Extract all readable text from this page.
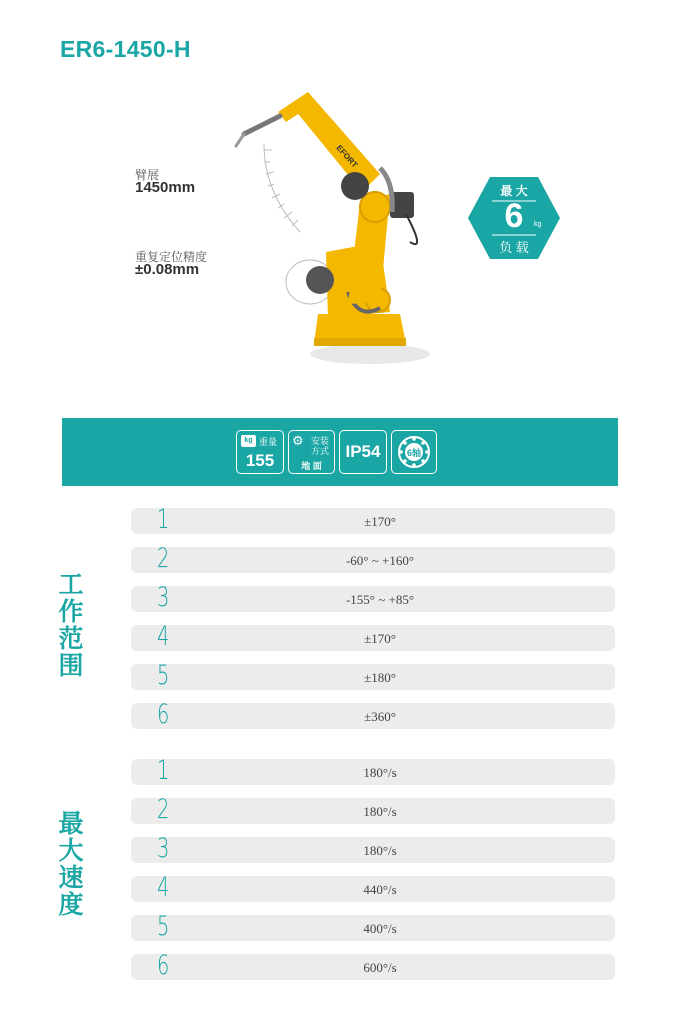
ER6-1450-H
臂展
1450mm
重复定位精度
±0.08mm
EFORT
最 大
6	kg
负 载
kg 重量
155
⚙ 安装
方式
地 面
IP54	6轴
工作范围
1	±170°
2	-60° ~ +160°
3	-155° ~ +85°
4	±170°
5	±180°
6	±360°
最大速度
1	180°/s
2	180°/s
3	180°/s
4	440°/s
5	400°/s
6	600°/s
